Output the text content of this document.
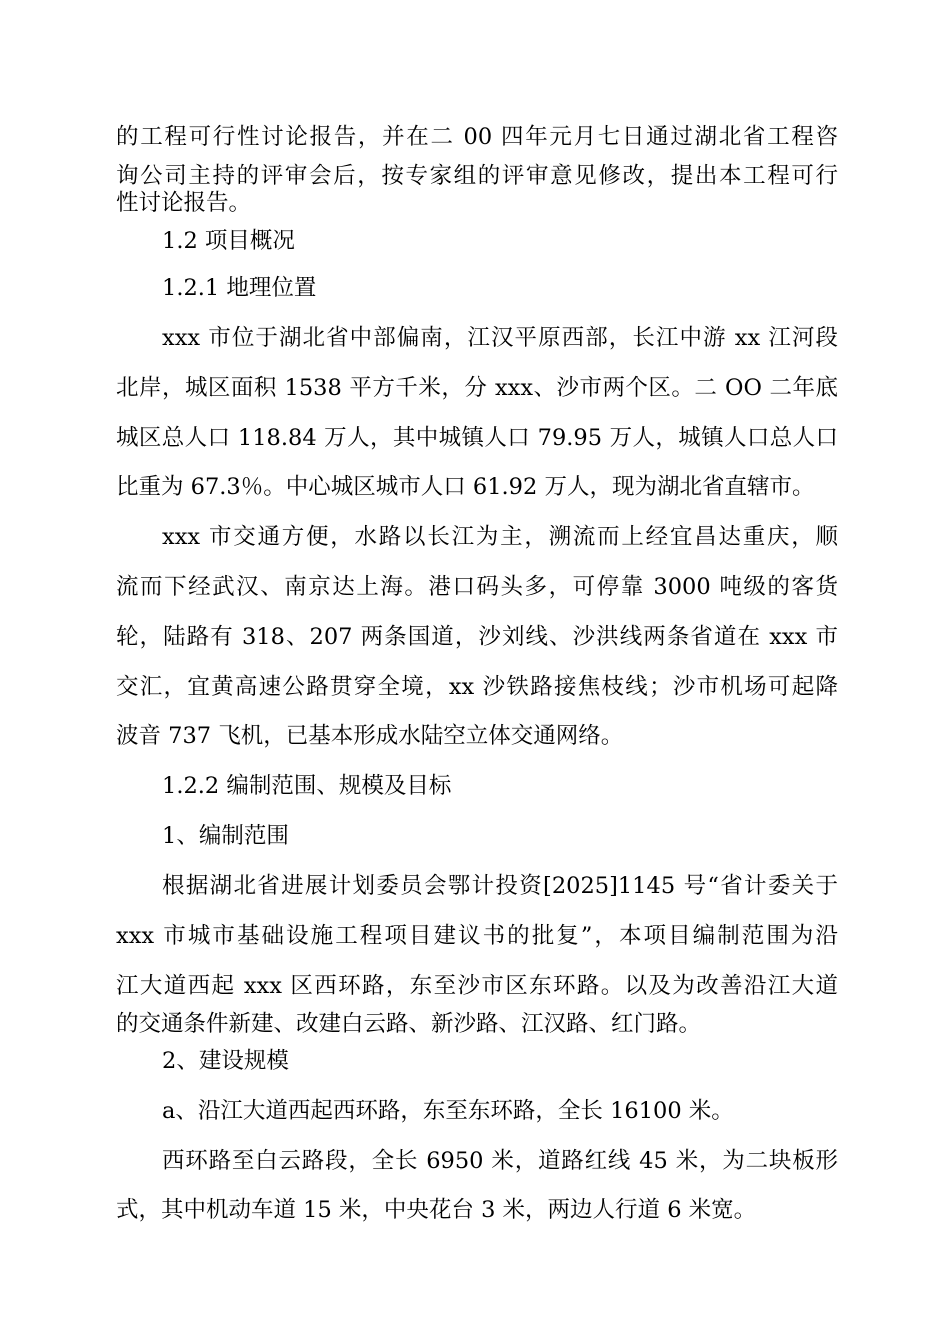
的工程可行性讨论报告，并在二 00 四年元月七日通过湖北省工程咨
询公司主持的评审会后，按专家组的评审意见修改，提出本工程可行
性讨论报告。
1.2 项目概况
1.2.1 地理位置
xxx 市位于湖北省中部偏南，江汉平原西部，长江中游 xx 江河段
北岸，城区面积 1538 平方千米，分 xxx、沙市两个区。二 OO 二年底
城区总人口 118.84 万人，其中城镇人口 79.95 万人，城镇人口总人口
比重为 67.3％。中心城区城市人口 61.92 万人，现为湖北省直辖市。
xxx 市交通方便，水路以长江为主，溯流而上经宜昌达重庆，顺
流而下经武汉、南京达上海。港口码头多，可停靠 3000 吨级的客货
轮，陆路有 318、207 两条国道，沙刘线、沙洪线两条省道在 xxx 市
交汇，宜黄高速公路贯穿全境，xx 沙铁路接焦枝线；沙市机场可起降
波音 737 飞机，已基本形成水陆空立体交通网络。
1.2.2 编制范围、规模及目标
1、编制范围
根据湖北省进展计划委员会鄂计投资[2025]1145 号“省计委关于
xxx 市城市基础设施工程项目建议书的批复”，本项目编制范围为沿
江大道西起 xxx 区西环路，东至沙市区东环路。以及为改善沿江大道
的交通条件新建、改建白云路、新沙路、江汉路、红门路。
2、建设规模
a、沿江大道西起西环路，东至东环路，全长 16100 米。
西环路至白云路段，全长 6950 米，道路红线 45 米，为二块板形
式，其中机动车道 15 米，中央花台 3 米，两边人行道 6 米宽。
